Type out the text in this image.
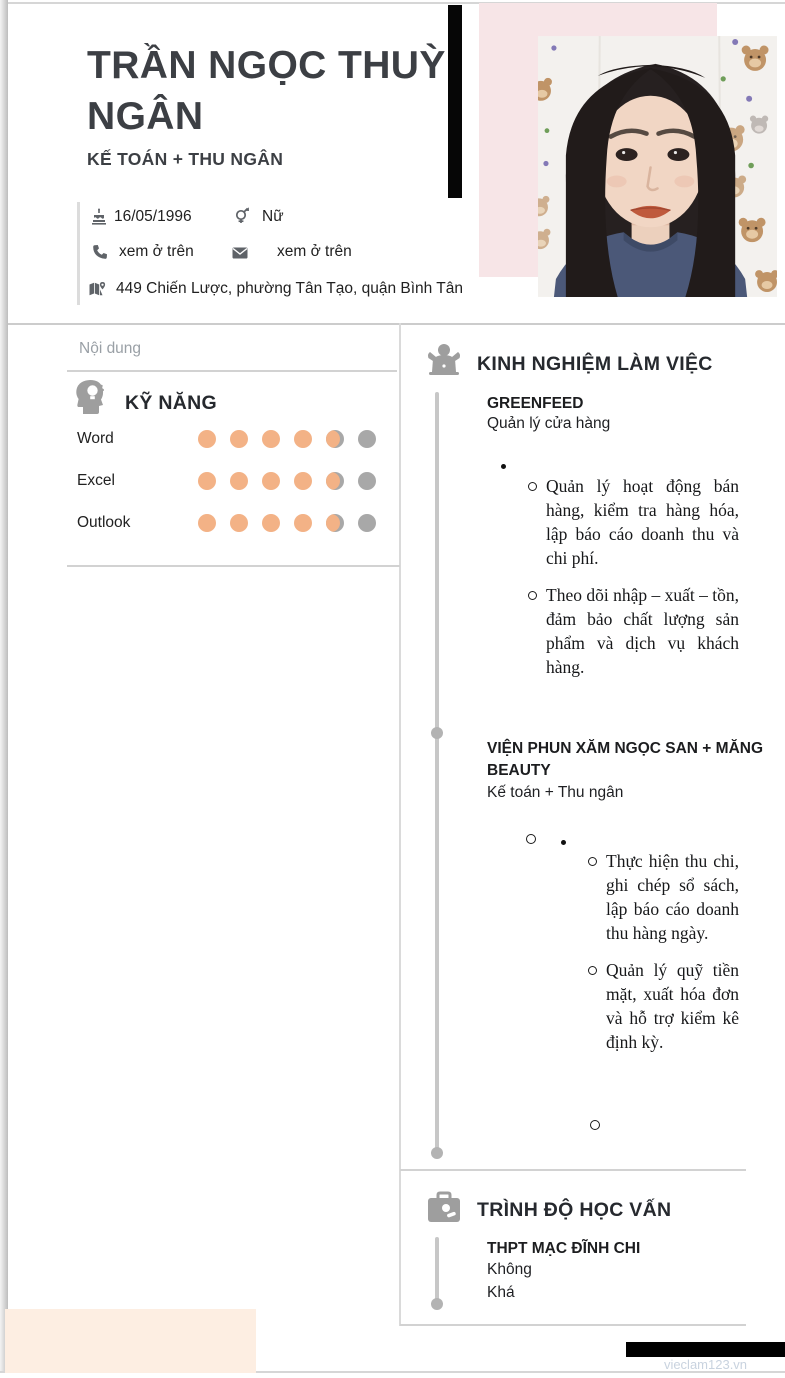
TRẦN NGỌC THUỲ NGÂN
KẾ TOÁN + THU NGÂN
16/05/1996	Nữ
xem ở trên	xem ở trên
449 Chiến Lược, phường Tân Tạo, quận Bình Tân
Nội dung
KỸ NĂNG
Word
Excel
Outlook
KINH NGHIỆM LÀM VIỆC
GREENFEED
Quản lý cửa hàng
Quản lý hoạt động bán hàng, kiểm tra hàng hóa, lập báo cáo doanh thu và chi phí.
Theo dõi nhập – xuất – tồn, đảm bảo chất lượng sản phẩm và dịch vụ khách hàng.
VIỆN PHUN XĂM NGỌC SAN + MĂNG BEAUTY
Kế toán + Thu ngân
Thực hiện thu chi, ghi chép sổ sách, lập báo cáo doanh thu hàng ngày.
Quản lý quỹ tiền mặt, xuất hóa đơn và hỗ trợ kiểm kê định kỳ.
TRÌNH ĐỘ HỌC VẤN
THPT MẠC ĐĨNH CHI
Không
Khá
vieclam123.vn
